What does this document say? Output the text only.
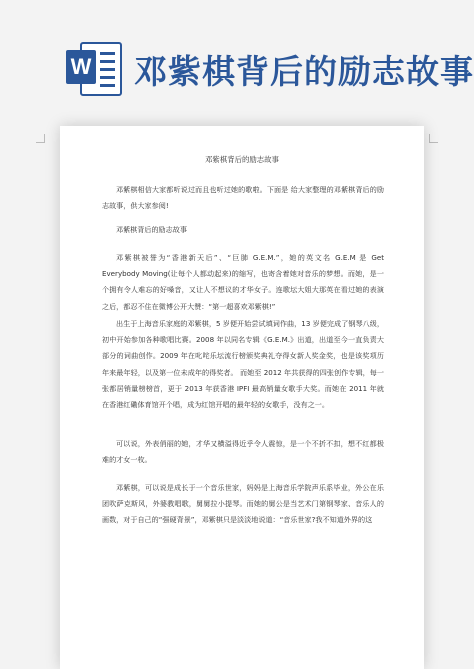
W 邓紫棋背后的励志故事
邓紫棋背后的励志故事

邓紫棋相信大家都听说过而且也听过她的歌啦。下面是 给大家整理的邓紫棋背后的励志故事，供大家参阅!

邓紫棋背后的励志故事

邓紫棋被誉为“香港新天后”、“巨肺 G.E.M.”，她的英文名 G.E.M 是 Get Everybody Moving(让每个人都动起来)的缩写，也寄含着她对音乐的梦想。而她，是一个拥有令人难忘的好嗓音，又让人不想议的才华女子。连歌坛大姐大那英在看过她的表演之后，都忍不住在微博公开大赞：“第一超喜欢邓紫棋!”

出生于上海音乐家庭的邓紫棋，5 岁便开始尝试填词作曲，13 岁便完成了钢琴八级，初中开始参加各种歌唱比赛。2008 年以同名专辑《G.E.M.》出道，出道至今一直负责大部分的词曲创作。2009 年在叱咤乐坛流行榜颁奖典礼夺得女新人奖金奖，也是该奖项历年来最年轻，以及第一位未成年的得奖者。 而她至 2012 年共获得的四张创作专辑，每一张都居销量榜榜首，更于 2013 年获香港 IPFI 最高销量女歌手大奖。而她在 2011 年就在香港红磡体育馆开个唱，成为红馆开唱的最年轻的女歌手，没有之一。

可以说，外表俏丽的她，才华又横溢得近乎令人震惊，是一个不折不扣，想不红都极难的才女一枚。

邓紫棋，可以说是成长于一个音乐世家，妈妈是上海音乐学院声乐系毕业，外公在乐团吹萨克斯风，外婆教唱歌，舅舅拉小提琴。而她的舅公是当艺术门第钢琴家、音乐人的画数，对于自己的“强硬背景”，邓紫棋只是淡淡地说道：“音乐世家?我不知道外界的这
